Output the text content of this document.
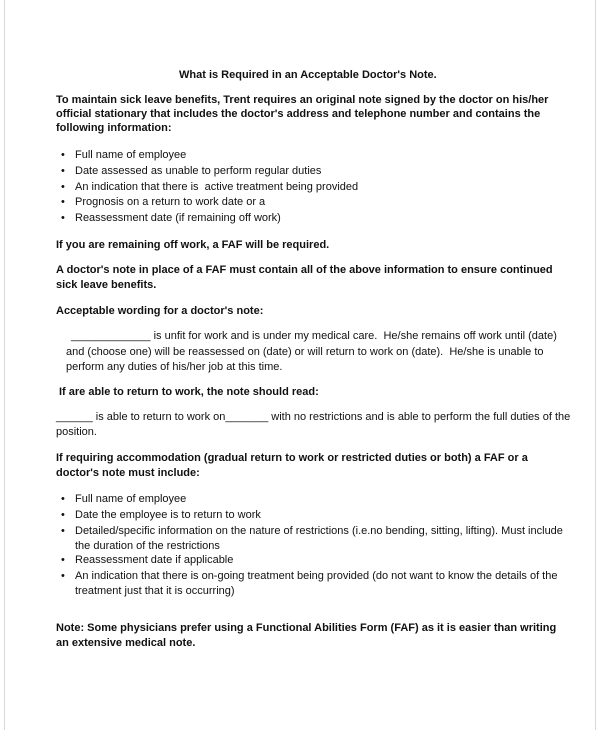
What is Required in an Acceptable Doctor's Note.
To maintain sick leave benefits, Trent requires an original note signed by the doctor on his/her
official stationary that includes the doctor's address and telephone number and contains the
following information:
• Full name of employee
• Date assessed as unable to perform regular duties
• An indication that there is  active treatment being provided
• Prognosis on a return to work date or a
• Reassessment date (if remaining off work)
If you are remaining off work, a FAF will be required.
A doctor's note in place of a FAF must contain all of the above information to ensure continued
sick leave benefits.
Acceptable wording for a doctor's note:
_____________ is unfit for work and is under my medical care.  He/she remains off work until (date)
and (choose one) will be reassessed on (date) or will return to work on (date).  He/she is unable to
perform any duties of his/her job at this time.
If are able to return to work, the note should read:
______ is able to return to work on_______ with no restrictions and is able to perform the full duties of the
position.
If requiring accommodation (gradual return to work or restricted duties or both) a FAF or a
doctor's note must include:
• Full name of employee
• Date the employee is to return to work
• Detailed/specific information on the nature of restrictions (i.e.no bending, sitting, lifting). Must include
the duration of the restrictions
• Reassessment date if applicable
• An indication that there is on-going treatment being provided (do not want to know the details of the
treatment just that it is occurring)
Note: Some physicians prefer using a Functional Abilities Form (FAF) as it is easier than writing
an extensive medical note.
